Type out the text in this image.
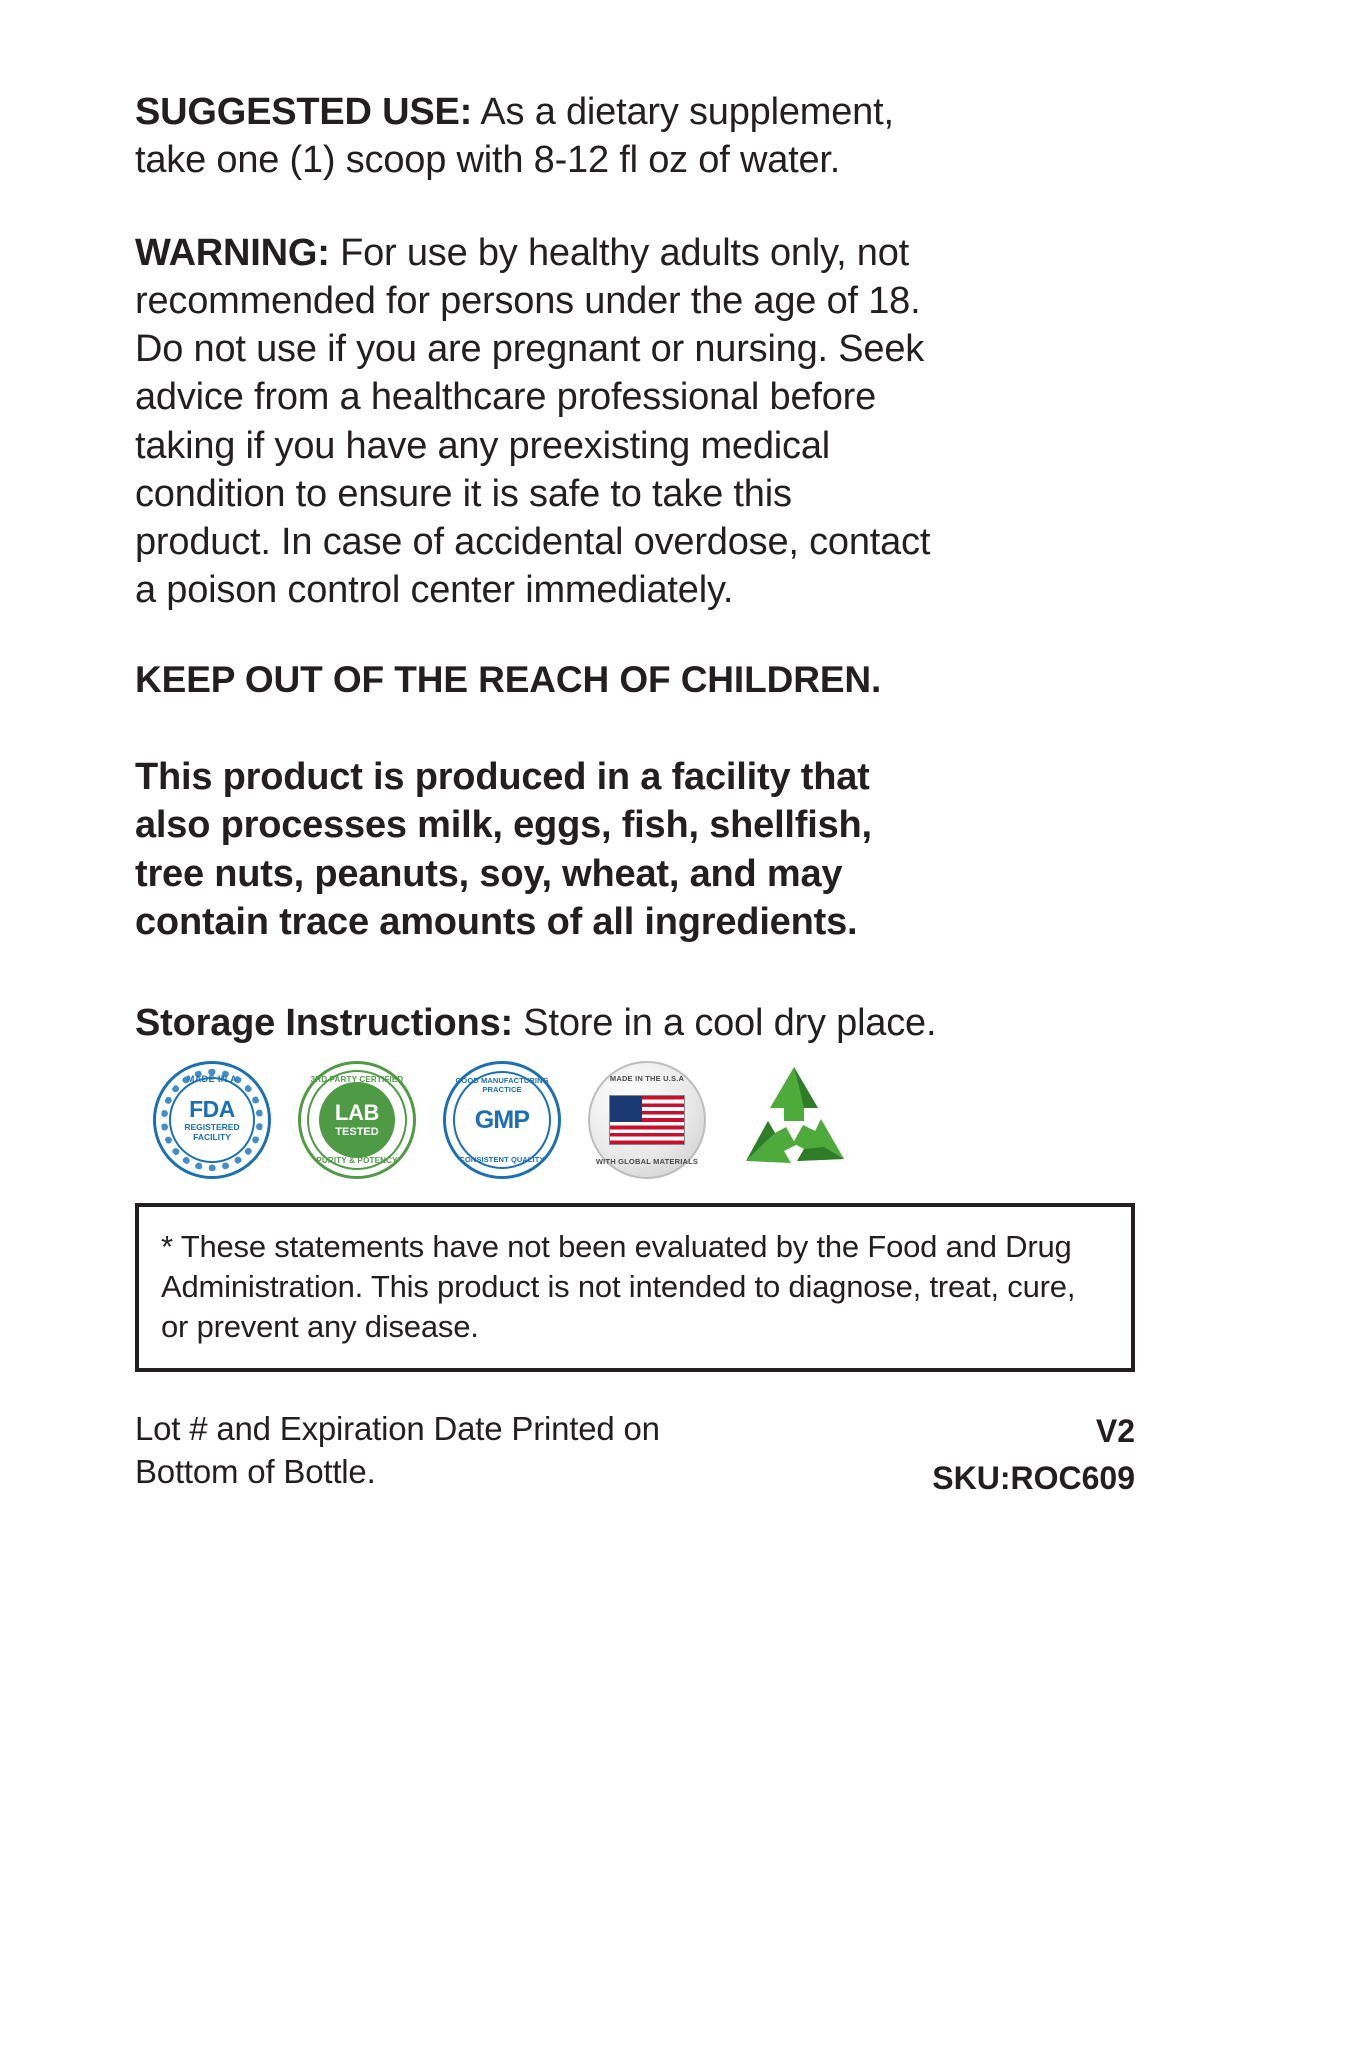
SUGGESTED USE: As a dietary supplement, take one (1) scoop with 8-12 fl oz of water.

WARNING: For use by healthy adults only, not recommended for persons under the age of 18. Do not use if you are pregnant or nursing. Seek advice from a healthcare professional before taking if you have any preexisting medical condition to ensure it is safe to take this product. In case of accidental overdose, contact a poison control center immediately.

KEEP OUT OF THE REACH OF CHILDREN.

This product is produced in a facility that also processes milk, eggs, fish, shellfish, tree nuts, peanuts, soy, wheat, and may contain trace amounts of all ingredients.

Storage Instructions: Store in a cool dry place.

MADE IN A
FDA
REGISTERED FACILITY
3RD PARTY CERTIFIED FOR
LAB
TESTED
PURITY & POTENCY
GOOD MANUFACTURING PRACTICE
GMP
CONSISTENT QUALITY
MADE IN THE U.S.A
WITH GLOBAL MATERIALS

* These statements have not been evaluated by the Food and Drug Administration. This product is not intended to diagnose, treat, cure, or prevent any disease.

Lot # and Expiration Date Printed on Bottom of Bottle.
V2
SKU:ROC609
